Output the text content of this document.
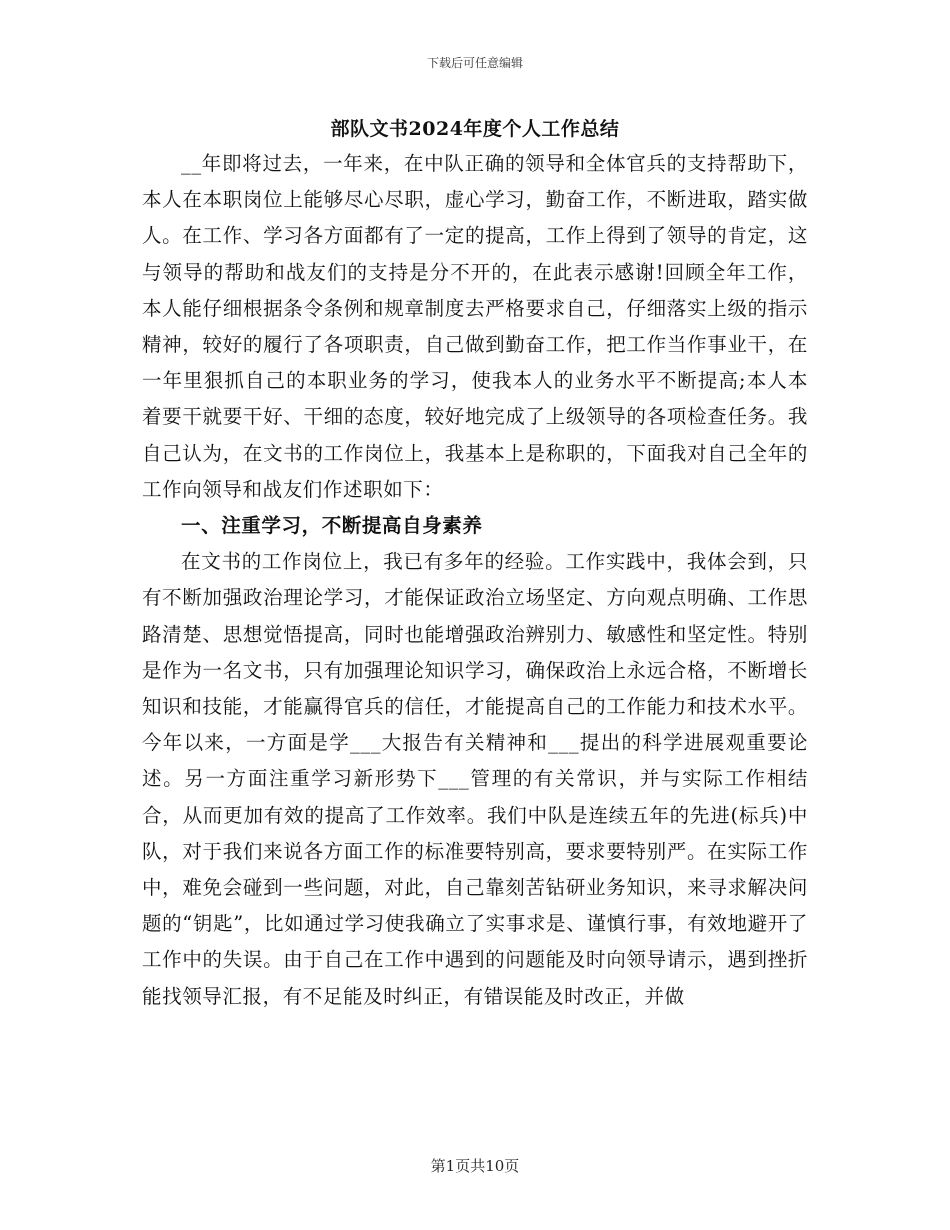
下载后可任意编辑
部队文书2024年度个人工作总结

__年即将过去，一年来，在中队正确的领导和全体官兵的支持帮助下，本人在本职岗位上能够尽心尽职，虚心学习，勤奋工作，不断进取，踏实做人。在工作、学习各方面都有了一定的提高，工作上得到了领导的肯定，这与领导的帮助和战友们的支持是分不开的，在此表示感谢!回顾全年工作，本人能仔细根据条令条例和规章制度去严格要求自己，仔细落实上级的指示精神，较好的履行了各项职责，自己做到勤奋工作，把工作当作事业干，在一年里狠抓自己的本职业务的学习，使我本人的业务水平不断提高;本人本着要干就要干好、干细的态度，较好地完成了上级领导的各项检查任务。我自己认为，在文书的工作岗位上，我基本上是称职的，下面我对自己全年的工作向领导和战友们作述职如下：

一、注重学习，不断提高自身素养

在文书的工作岗位上，我已有多年的经验。工作实践中，我体会到，只有不断加强政治理论学习，才能保证政治立场坚定、方向观点明确、工作思路清楚、思想觉悟提高，同时也能增强政治辨别力、敏感性和坚定性。特别是作为一名文书，只有加强理论知识学习，确保政治上永远合格，不断增长知识和技能，才能赢得官兵的信任，才能提高自己的工作能力和技术水平。今年以来，一方面是学___大报告有关精神和___提出的科学进展观重要论述。另一方面注重学习新形势下___管理的有关常识，并与实际工作相结合，从而更加有效的提高了工作效率。我们中队是连续五年的先进(标兵)中队，对于我们来说各方面工作的标准要特别高，要求要特别严。在实际工作中，难免会碰到一些问题，对此，自己靠刻苦钻研业务知识，来寻求解决问题的“钥匙”，比如通过学习使我确立了实事求是、谨慎行事，有效地避开了工作中的失误。由于自己在工作中遇到的问题能及时向领导请示，遇到挫折能找领导汇报，有不足能及时纠正，有错误能及时改正，并做

第1页共10页
